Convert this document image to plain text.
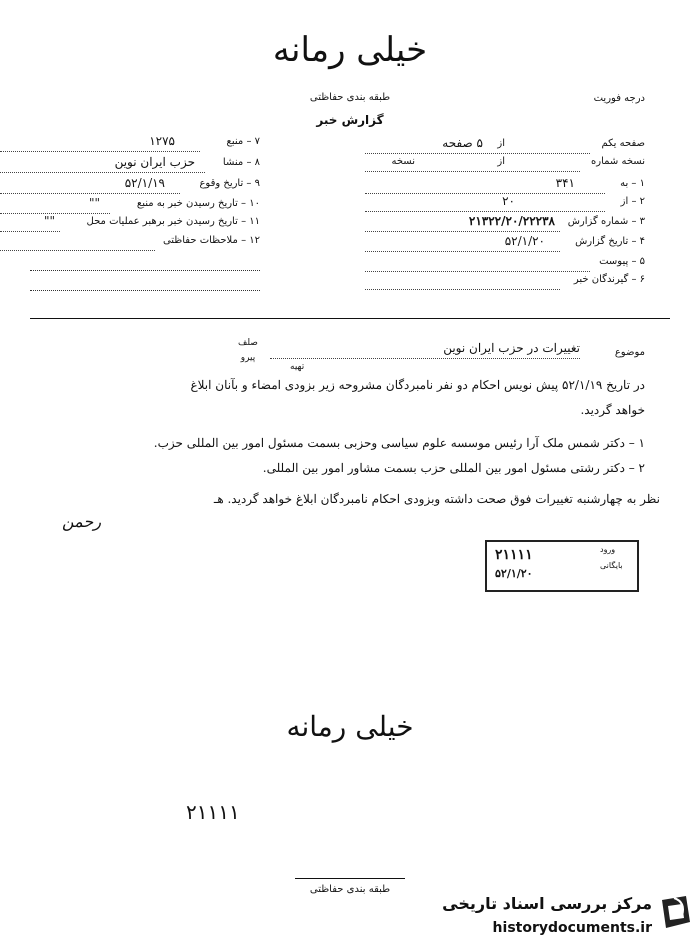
خیلی رمانه
درجه فوریت
طبقه بندی حفاظتی
گزارش خبر
۷ – منبع
۱۲۷۵
۸ – منشا
حزب ایران نوین
۹ – تاریخ وقوع
۵۲/۱/۱۹
۱۰ – تاریخ رسیدن خبر به منبع
""
۱۱ – تاریخ رسیدن خبر برهبر عملیات محل
""
۱۲ – ملاحظات حفاظتی
صفحه یکم
از
۵ صفحه
نسخه شماره
از
نسخه
۱ – به
۳۴۱
۲ – از
۲۰
۳ – شماره گزارش
۲۱۳۲۲/۲۰/۲۲۲۳۸
۴ – تاریخ گزارش
۵۲/۱/۲۰
۵ – پیوست
۶ – گیرندگان خبر
موضوع
تغییرات در حزب ایران نوین
صلف
پیرو
تهیه
در تاریخ ۵۲/۱/۱۹ پیش نویس احکام دو نفر نامبردگان مشروحه زیر بزودی امضاء و بآنان ابلاغ
خواهد گردید.
۱ – دکتر شمس ملک آرا رئیس موسسه علوم سیاسی وحزبی بسمت مسئول امور بین المللی حزب.
۲ – دکتر رشتی مسئول امور بین المللی حزب بسمت مشاور امور بین المللی.
نظر به چهارشنبه تغییرات فوق صحت داشته وبزودی احکام نامبردگان ابلاغ خواهد گردید. هـ
رحمن
۲۱۱۱۱
۵۲/۱/۲۰
ورود
بایگانی
خیلی رمانه
۲۱۱۱۱
طبقه بندی حفاظتی
مرکز بررسی اسناد تاریخی
historydocuments.ir
